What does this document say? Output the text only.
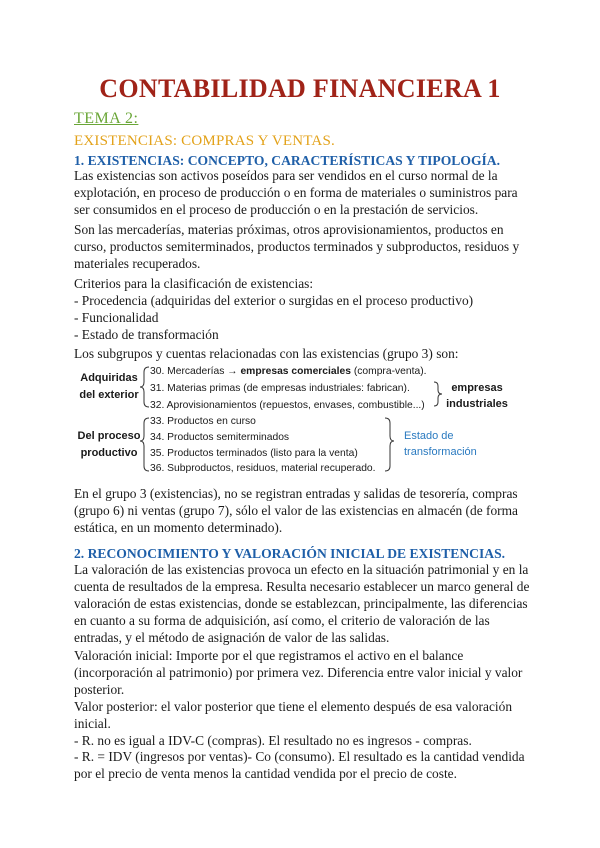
CONTABILIDAD FINANCIERA 1
TEMA 2:
EXISTENCIAS: COMPRAS Y VENTAS.
1. EXISTENCIAS: CONCEPTO, CARACTERÍSTICAS Y TIPOLOGÍA.
Las existencias son activos poseídos para ser vendidos en el curso normal de la
explotación, en proceso de producción o en forma de materiales o suministros para
ser consumidos en el proceso de producción o en la prestación de servicios.
Son las mercaderías, materias próximas, otros aprovisionamientos, productos en
curso, productos semiterminados, productos terminados y subproductos, residuos y
materiales recuperados.
Criterios para la clasificación de existencias:
- Procedencia (adquiridas del exterior o surgidas en el proceso productivo)
- Funcionalidad
- Estado de transformación
Los subgrupos y cuentas relacionadas con las existencias (grupo 3) son:
Adquiridas del exterior
Del proceso productivo
30. Mercaderías → empresas comerciales (compra-venta).
31. Materias primas (de empresas industriales: fabrican).
32. Aprovisionamientos (repuestos, envases, combustible...)
33. Productos en curso
34. Productos semiterminados
35. Productos terminados (listo para la venta)
36. Subproductos, residuos, material recuperado.
empresas industriales
Estado de transformación
En el grupo 3 (existencias), no se registran entradas y salidas de tesorería, compras
(grupo 6) ni ventas (grupo 7), sólo el valor de las existencias en almacén (de forma
estática, en un momento determinado).
2. RECONOCIMIENTO Y VALORACIÓN INICIAL DE EXISTENCIAS.
La valoración de las existencias provoca un efecto en la situación patrimonial y en la
cuenta de resultados de la empresa. Resulta necesario establecer un marco general de
valoración de estas existencias, donde se establezcan, principalmente, las diferencias
en cuanto a su forma de adquisición, así como, el criterio de valoración de las
entradas, y el método de asignación de valor de las salidas.
Valoración inicial: Importe por el que registramos el activo en el balance
(incorporación al patrimonio) por primera vez. Diferencia entre valor inicial y valor
posterior.
Valor posterior: el valor posterior que tiene el elemento después de esa valoración
inicial.
- R. no es igual a IDV-C (compras). El resultado no es ingresos - compras.
- R. = IDV (ingresos por ventas)- Co (consumo). El resultado es la cantidad vendida
por el precio de venta menos la cantidad vendida por el precio de coste.
